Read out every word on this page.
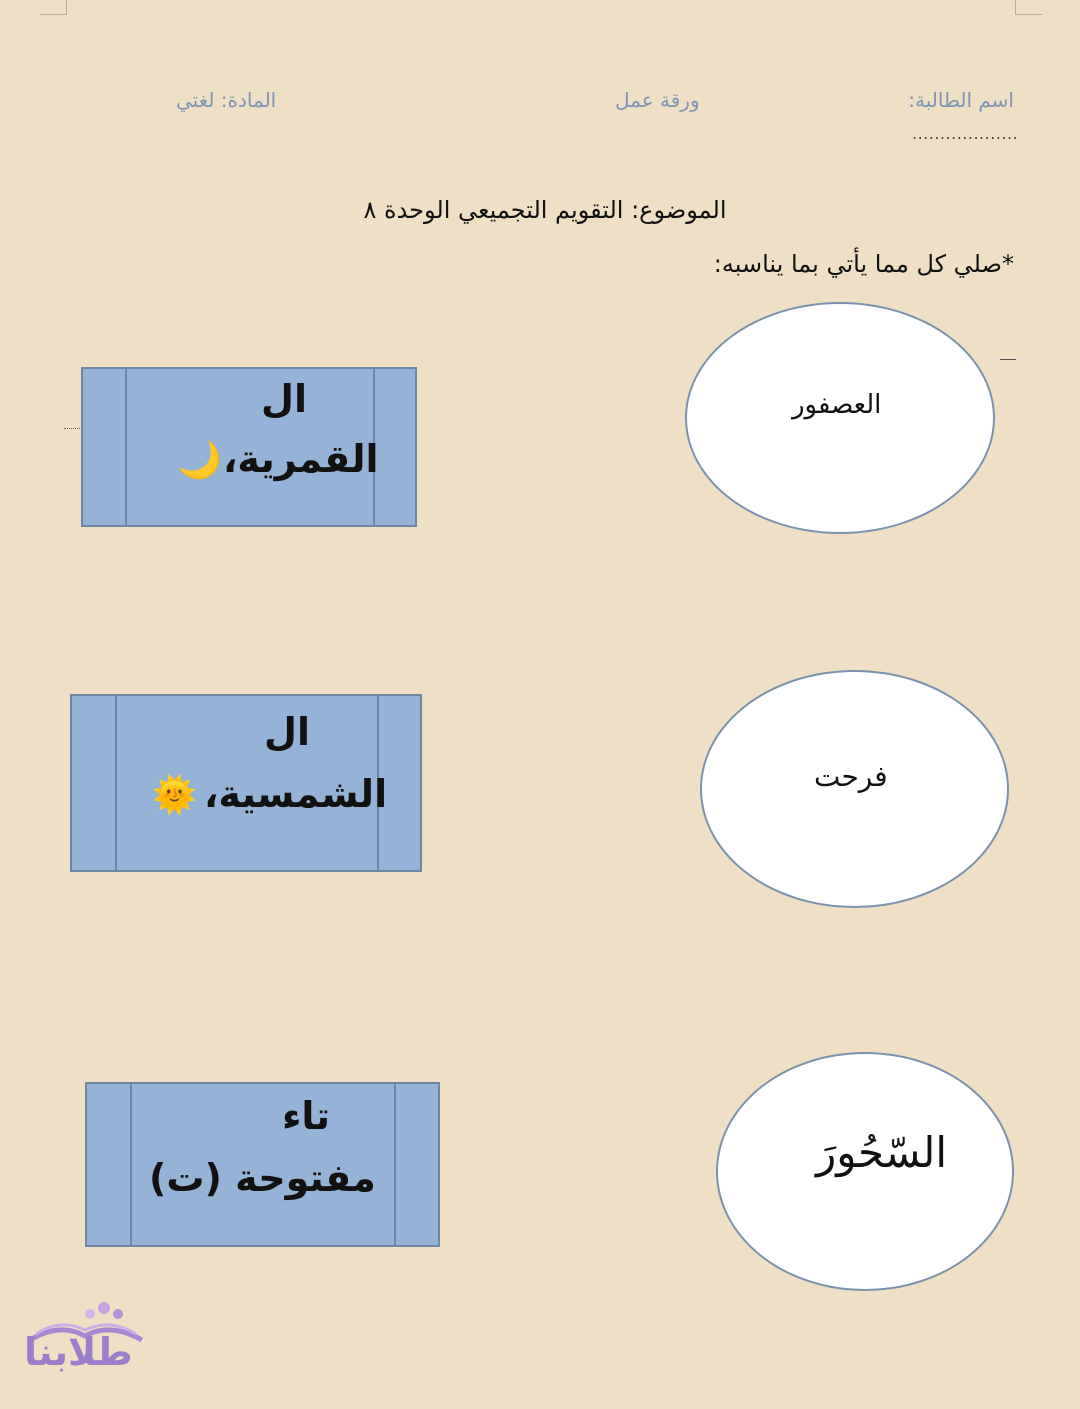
اسم الطالبة:
...................
ورقة عمل
المادة: لغتي
الموضوع: التقويم التجميعي الوحدة ٨
*صلي كل مما يأتي بما يناسبه:
العصفور
فرحت
السّحُورَ
ال
القمرية،
🌙
ال
الشمسية،
🌞
تاء
مفتوحة (ت)
طلابنا
